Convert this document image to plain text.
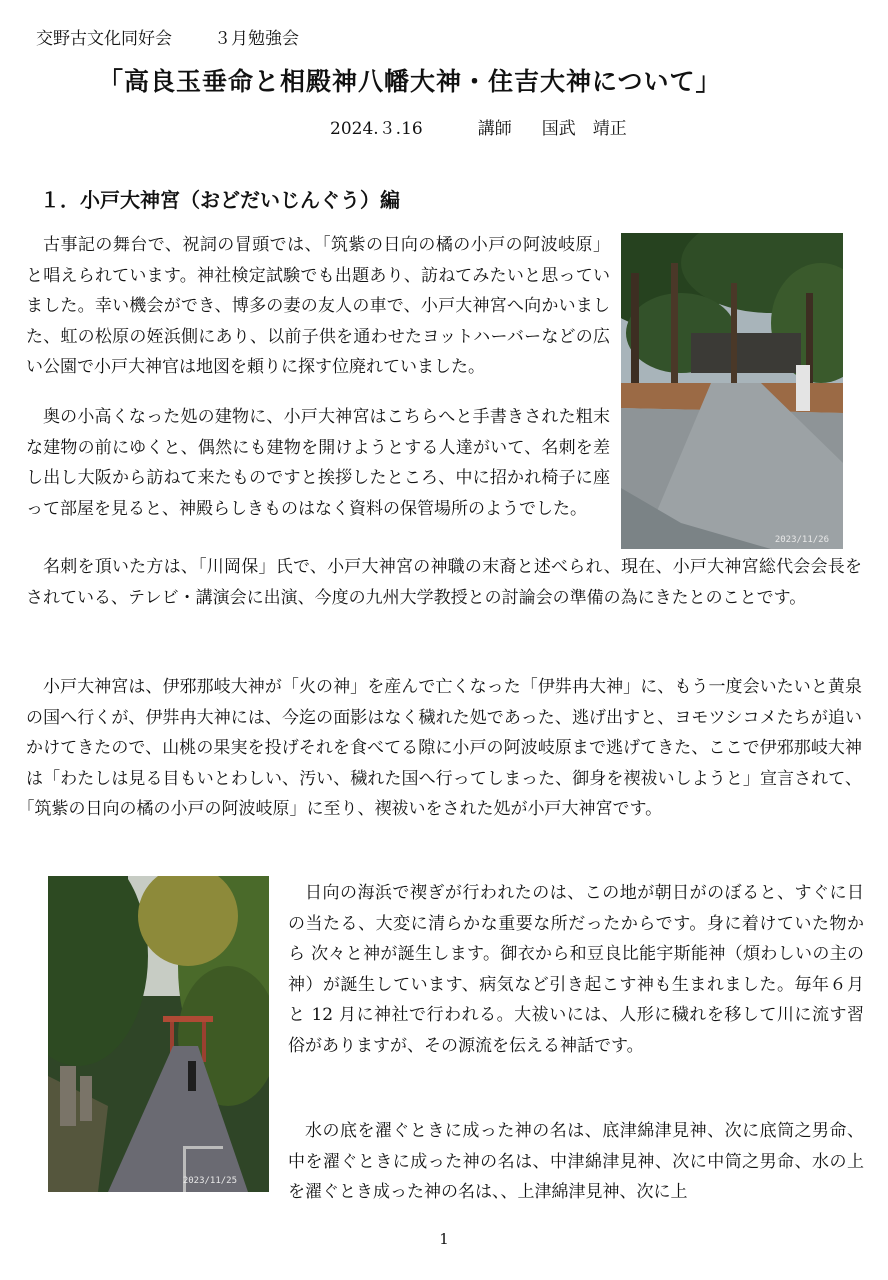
交野古文化同好会 ３月勉強会
「高良玉垂命と相殿神八幡大神・住吉大神について」
2024.３.16	講師 国武　靖正
１．小戸大神宮（おどだいじんぐう）編

古事記の舞台で、祝詞の冒頭では、｢筑紫の日向の橘の小戸の阿波岐原」と唱えられています。神社検定試験でも出題あり、訪ねてみたいと思っていました。幸い機会ができ、博多の妻の友人の車で、小戸大神宮へ向かいました、虹の松原の姪浜側にあり、以前子供を通わせたヨットハーバーなどの広い公園で小戸大神官は地図を頼りに探す位廃れていました。

2023/11/26

奥の小高くなった処の建物に、小戸大神宮はこちらへと手書きされた粗末な建物の前にゆくと、偶然にも建物を開けようとする人達がいて、名刺を差し出し大阪から訪ねて来たものですと挨拶したところ、中に招かれ椅子に座って部屋を見ると、神殿らしきものはなく資料の保管場所のようでした。

名刺を頂いた方は、｢川岡保」氏で、小戸大神宮の神職の末裔と述べられ、現在、小戸大神宮総代会会長をされている、テレビ・講演会に出演、今度の九州大学教授との討論会の準備の為にきたとのことです。

小戸大神宮は、伊邪那岐大神が「火の神」を産んで亡くなった「伊弉冉大神」に、もう一度会いたいと黄泉の国へ行くが、伊弉冉大神には、今迄の面影はなく穢れた処であった、逃げ出すと、ヨモツシコメたちが追いかけてきたので、山桃の果実を投げそれを食べてる隙に小戸の阿波岐原まで逃げてきた、ここで伊邪那岐大神は「わたしは見る目もいとわしい、汚い、穢れた国へ行ってしまった、御身を禊祓いしようと」宣言されて、｢筑紫の日向の橘の小戸の阿波岐原」に至り、禊祓いをされた処が小戸大神宮です。

2023/11/25

日向の海浜で禊ぎが行われたのは、この地が朝日がのぼると、すぐに日の当たる、大変に清らかな重要な所だったからです。身に着けていた物から 次々と神が誕生します。御衣から和豆良比能宇斯能神（煩わしいの主の神）が誕生しています、病気など引き起こす神も生まれました。毎年６月と 12 月に神社で行われる。大祓いには、人形に穢れを移して川に流す習俗がありますが、その源流を伝える神話です。

水の底を濯ぐときに成った神の名は、底津綿津見神、次に底筒之男命、中を濯ぐときに成った神の名は、中津綿津見神、次に中筒之男命、水の上を濯ぐとき成った神の名は、、上津綿津見神、次に上

1
